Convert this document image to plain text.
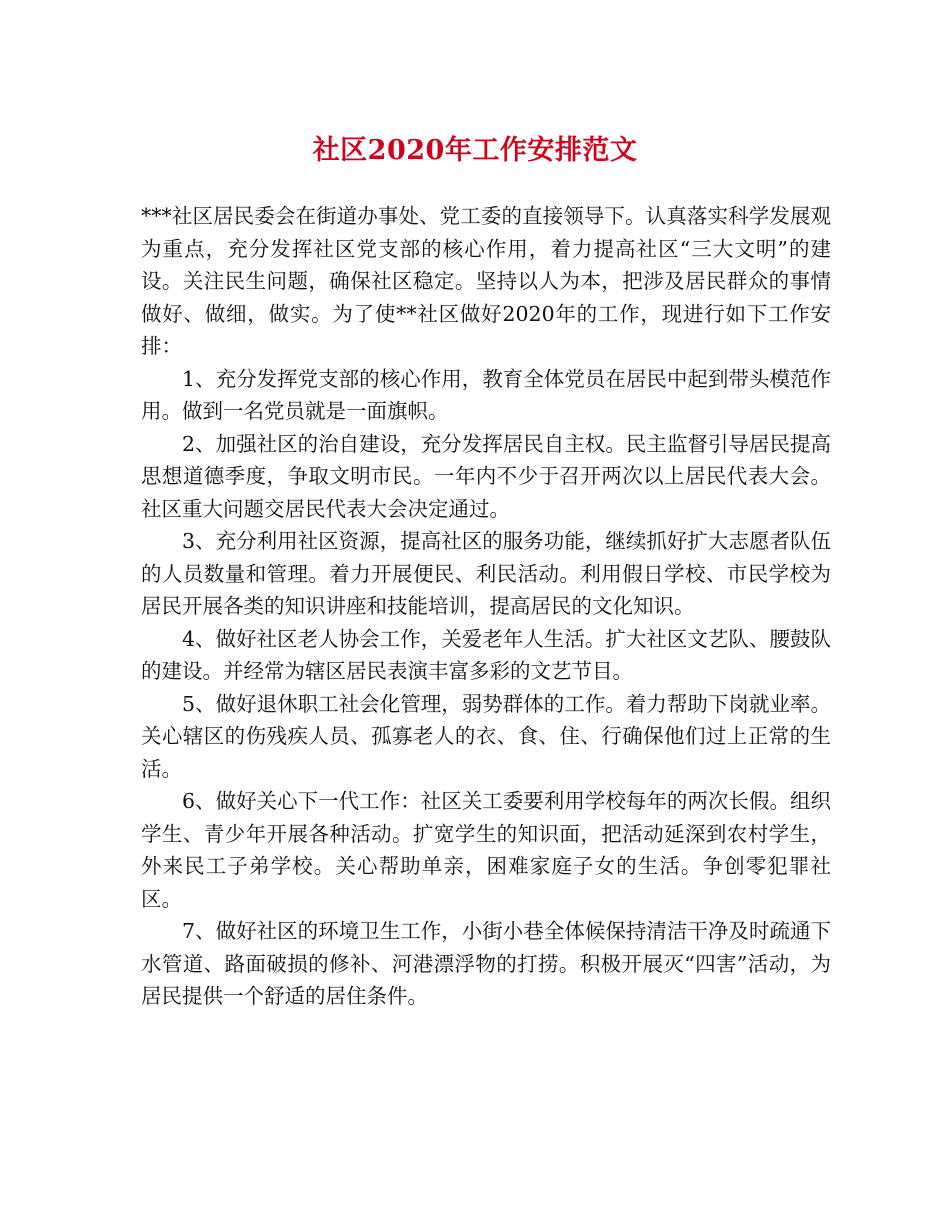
社区2020年工作安排范文

***社区居民委会在街道办事处、党工委的直接领导下。认真落实科学发展观为重点，充分发挥社区党支部的核心作用，着力提高社区“三大文明”的建设。关注民生问题，确保社区稳定。坚持以人为本，把涉及居民群众的事情做好、做细，做实。为了使**社区做好2020年的工作，现进行如下工作安排：

1、充分发挥党支部的核心作用，教育全体党员在居民中起到带头模范作用。做到一名党员就是一面旗帜。

2、加强社区的治自建设，充分发挥居民自主权。民主监督引导居民提高思想道德季度，争取文明市民。一年内不少于召开两次以上居民代表大会。社区重大问题交居民代表大会决定通过。

3、充分利用社区资源，提高社区的服务功能，继续抓好扩大志愿者队伍的人员数量和管理。着力开展便民、利民活动。利用假日学校、市民学校为居民开展各类的知识讲座和技能培训，提高居民的文化知识。

4、做好社区老人协会工作，关爱老年人生活。扩大社区文艺队、腰鼓队的建设。并经常为辖区居民表演丰富多彩的文艺节目。

5、做好退休职工社会化管理，弱势群体的工作。着力帮助下岗就业率。关心辖区的伤残疾人员、孤寡老人的衣、食、住、行确保他们过上正常的生活。

6、做好关心下一代工作：社区关工委要利用学校每年的两次长假。组织学生、青少年开展各种活动。扩宽学生的知识面，把活动延深到农村学生，外来民工子弟学校。关心帮助单亲，困难家庭子女的生活。争创零犯罪社区。

7、做好社区的环境卫生工作，小街小巷全体候保持清洁干净及时疏通下水管道、路面破损的修补、河港漂浮物的打捞。积极开展灭“四害”活动，为居民提供一个舒适的居住条件。
